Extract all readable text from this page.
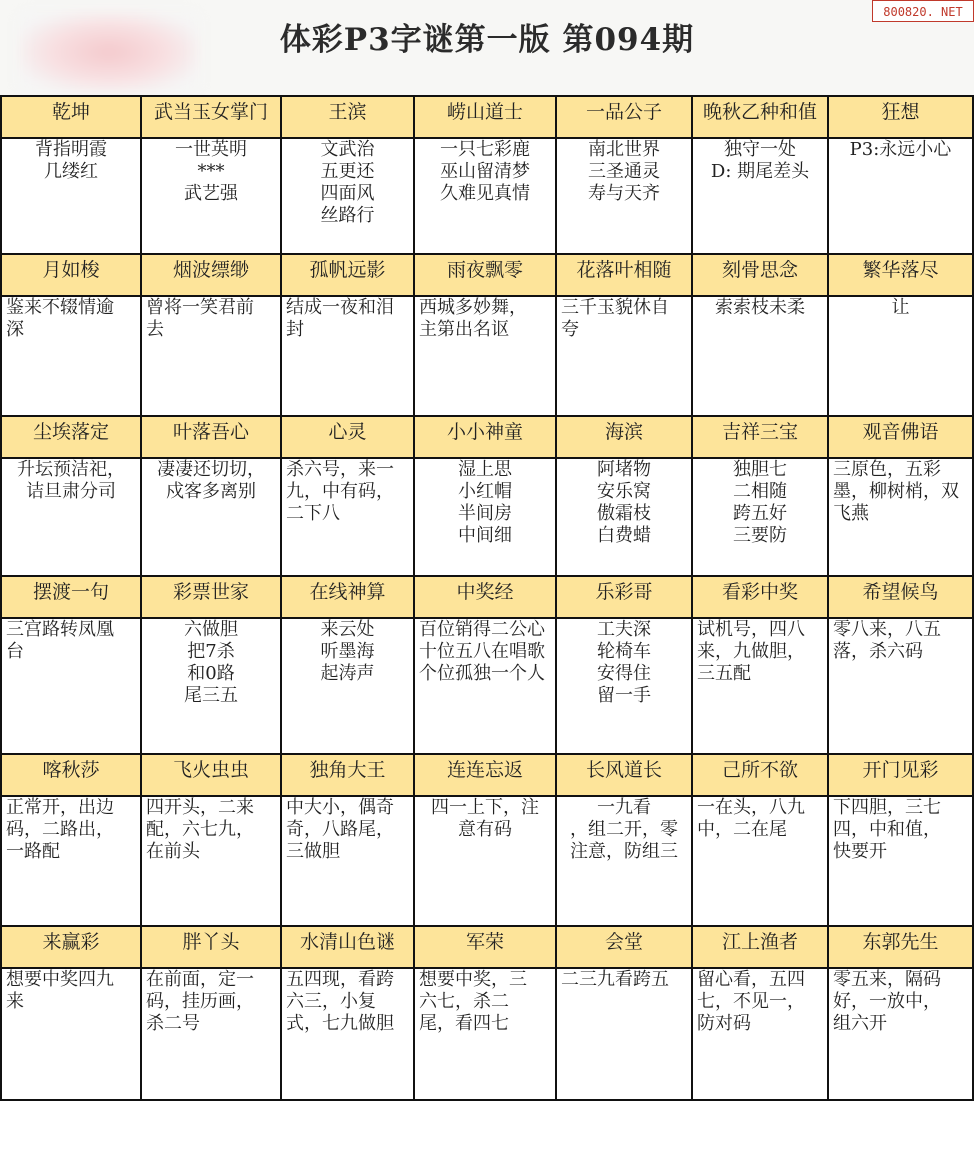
体彩P3字谜第一版 第094期
800820. NET
乾坤	武当玉女掌门	王滨	崂山道士	一品公子	晚秋乙种和值	狂想

背指明霞
几缕红	一世英明
***
武艺强	文武治
五更还
四面风
丝路行	一只七彩鹿
巫山留清梦
久难见真情	南北世界
三圣通灵
寿与天齐	独守一处
D: 期尾差头	P3:永远小心

月如梭	烟波缥缈	孤帆远影	雨夜飘零	花落叶相随	刻骨思念	繁华落尽

鉴来不辍情逾
深	曾将一笑君前
去	结成一夜和泪
封	西城多妙舞，
主第出名讴	三千玉貌休自
夸	索索枝未柔	让

尘埃落定	叶落吾心	心灵	小小神童	海滨	吉祥三宝	观音佛语

升坛预洁祀，
诘旦肃分司	凄凄还切切，
戍客多离别	杀六号，来一
九，中有码，
二下八	湿上思
小红帽
半间房
中间细	阿堵物
安乐窝
傲霜枝
白费蜡	独胆七
二相随
跨五好
三要防	三原色，五彩
墨，柳树梢，双
飞燕

摆渡一句	彩票世家	在线神算	中奖经	乐彩哥	看彩中奖	希望候鸟

三宫路转凤凰
台	六做胆
把7杀
和0路
尾三五	来云处
听墨海
起涛声	百位销得二公心
十位五八在唱歌
个位孤独一个人	工夫深
轮椅车
安得住
留一手	试机号，四八
来，九做胆，
三五配	零八来，八五
落，杀六码

喀秋莎	飞火虫虫	独角大王	连连忘返	长风道长	己所不欲	开门见彩

正常开，出边
码，二路出，
一路配	四开头，二来
配，六七九，
在前头	中大小，偶奇
奇，八路尾，
三做胆	四一上下，注
意有码	一九看
，组二开，零
注意，防组三	一在头，八九
中，二在尾	下四胆，三七
四，中和值，
快要开

来赢彩	胖丫头	水清山色谜	军荣	会堂	江上渔者	东郭先生

想要中奖四九
来	在前面，定一
码，挂历画，
杀二号	五四现，看跨
六三，小复
式，七九做胆	想要中奖，三
六七，杀二
尾，看四七	二三九看跨五	留心看，五四
七，不见一，
防对码	零五来，隔码
好，一放中，
组六开
